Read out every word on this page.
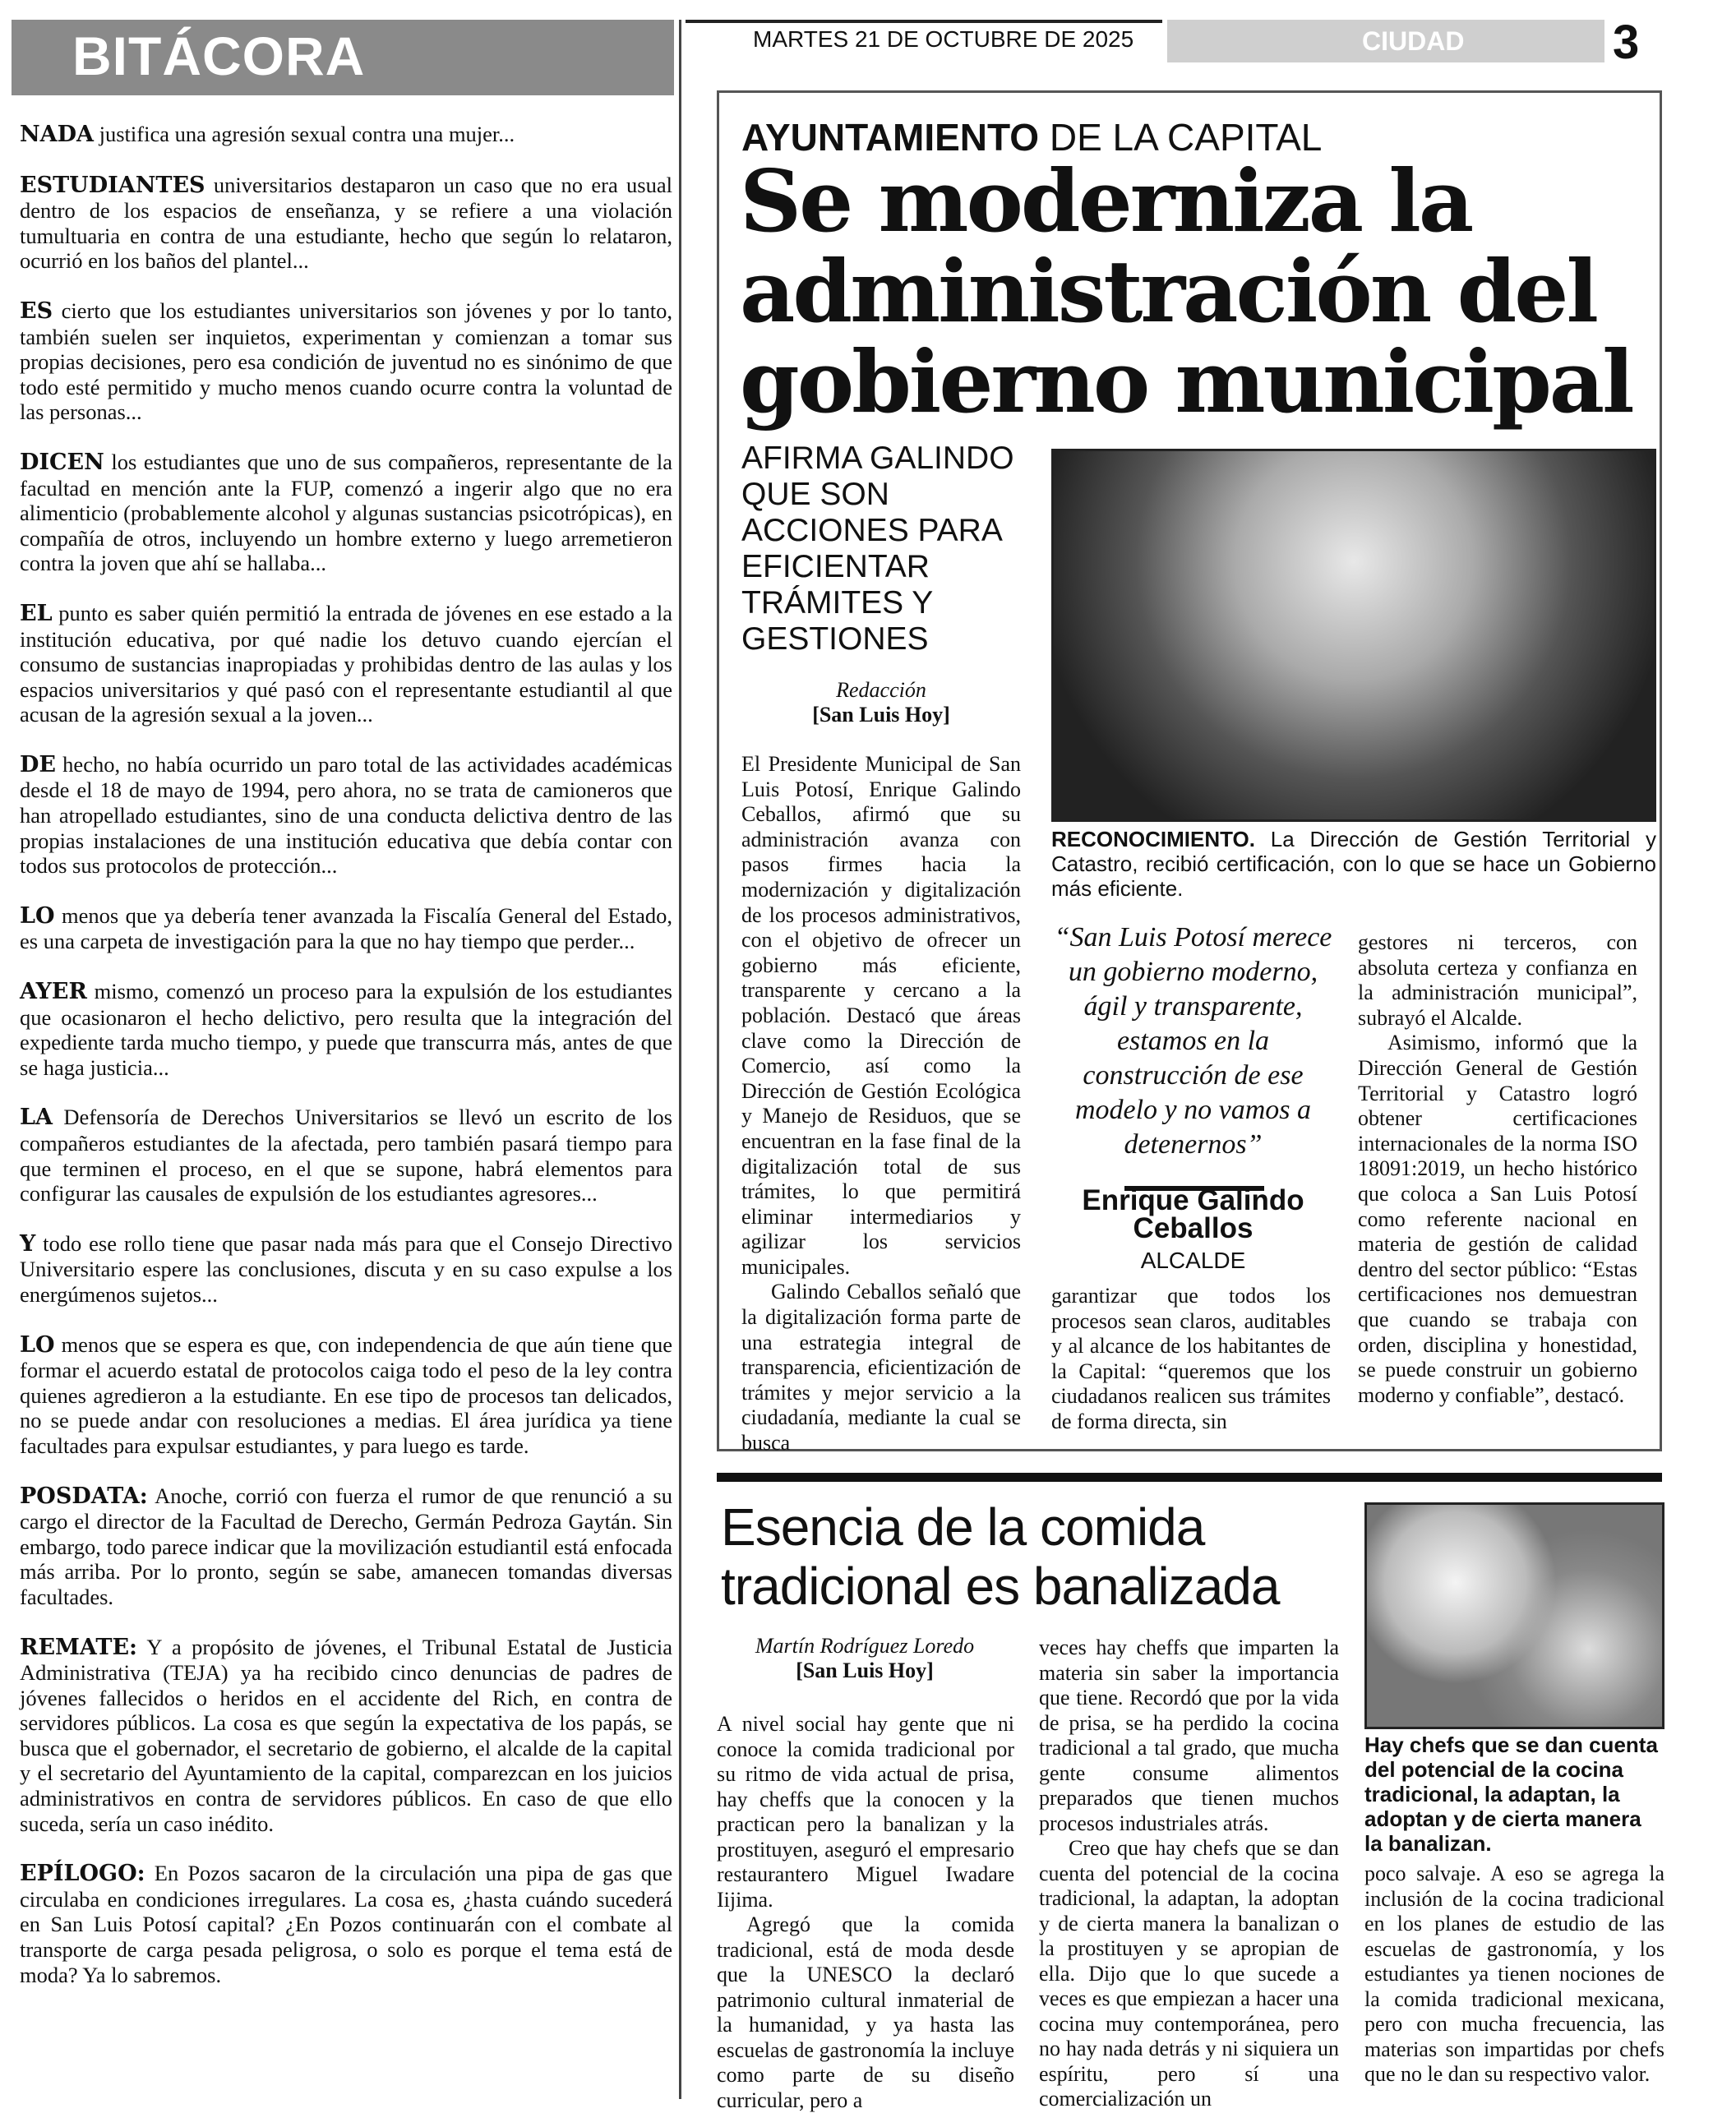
BITÁCORA

NADA justifica una agresión sexual contra una mujer...

ESTUDIANTES universitarios destaparon un caso que no era usual dentro de los espacios de enseñanza, y se refiere a una violación tumultuaria en contra de una estudiante, hecho que según lo relataron, ocurrió en los baños del plantel...

ES cierto que los estudiantes universitarios son jóvenes y por lo tanto, también suelen ser inquietos, experimentan y comienzan a tomar sus propias decisiones, pero esa condición de juventud no es sinónimo de que todo esté permitido y mucho menos cuando ocurre contra la voluntad de las personas...

DICEN los estudiantes que uno de sus compañeros, representante de la facultad en mención ante la FUP, comenzó a ingerir algo que no era alimenticio (probablemente alcohol y algunas sustancias psicotrópicas), en compañía de otros, incluyendo un hombre externo y luego arremetieron contra la joven que ahí se hallaba...

EL punto es saber quién permitió la entrada de jóvenes en ese estado a la institución educativa, por qué nadie los detuvo cuando ejercían el consumo de sustancias inapropiadas y prohibidas dentro de las aulas y los espacios universitarios y qué pasó con el representante estudiantil al que acusan de la agresión sexual a la joven...

DE hecho, no había ocurrido un paro total de las actividades académicas desde el 18 de mayo de 1994, pero ahora, no se trata de camioneros que han atropellado estudiantes, sino de una conducta delictiva dentro de las propias instalaciones de una institución educativa que debía contar con todos sus protocolos de protección...

LO menos que ya debería tener avanzada la Fiscalía General del Estado, es una carpeta de investigación para la que no hay tiempo que perder...

AYER mismo, comenzó un proceso para la expulsión de los estudiantes que ocasionaron el hecho delictivo, pero resulta que la integración del expediente tarda mucho tiempo, y puede que transcurra más, antes de que se haga justicia...

LA Defensoría de Derechos Universitarios se llevó un escrito de los compañeros estudiantes de la afectada, pero también pasará tiempo para que terminen el proceso, en el que se supone, habrá elementos para configurar las causales de expulsión de los estudiantes agresores...

Y todo ese rollo tiene que pasar nada más para que el Consejo Directivo Universitario espere las conclusiones, discuta y en su caso expulse a los energúmenos sujetos...

LO menos que se espera es que, con independencia de que aún tiene que formar el acuerdo estatal de protocolos caiga todo el peso de la ley contra quienes agredieron a la estudiante. En ese tipo de procesos tan delicados, no se puede andar con resoluciones a medias. El área jurídica ya tiene facultades para expulsar estudiantes, y para luego es tarde.

POSDATA: Anoche, corrió con fuerza el rumor de que renunció a su cargo el director de la Facultad de Derecho, Germán Pedroza Gaytán. Sin embargo, todo parece indicar que la movilización estudiantil está enfocada más arriba. Por lo pronto, según se sabe, amanecen tomandas diversas facultades.

REMATE: Y a propósito de jóvenes, el Tribunal Estatal de Justicia Administrativa (TEJA) ya ha recibido cinco denuncias de padres de jóvenes fallecidos o heridos en el accidente del Rich, en contra de servidores públicos. La cosa es que según la expectativa de los papás, se busca que el gobernador, el secretario de gobierno, el alcalde de la capital y el secretario del Ayuntamiento de la capital, comparezcan en los juicios administrativos en contra de servidores públicos. En caso de que ello suceda, sería un caso inédito.

EPÍLOGO: En Pozos sacaron de la circulación una pipa de gas que circulaba en condiciones irregulares. La cosa es, ¿hasta cuándo sucederá en San Luis Potosí capital? ¿En Pozos continuarán con el combate al transporte de carga pesada peligrosa, o solo es porque el tema está de moda? Ya lo sabremos.

CIUDAD
MARTES 21 DE OCTUBRE DE 2025	3
AYUNTAMIENTO DE LA CAPITAL
Se moderniza la administración del gobierno municipal
AFIRMA GALINDO QUE SON ACCIONES PARA EFICIENTAR TRÁMITES Y GESTIONES
Redacción
[San Luis Hoy]
RECONOCIMIENTO. La Dirección de Gestión Territorial y Catastro, recibió certificación, con lo que se hace un Gobierno más eficiente.

El Presidente Municipal de San Luis Potosí, Enrique Galindo Ceballos, afirmó que su administración avanza con pasos firmes hacia la modernización y digitalización de los procesos administrativos, con el objetivo de ofrecer un gobierno más eficiente, transparente y cercano a la población. Destacó que áreas clave como la Dirección de Comercio, así como la Dirección de Gestión Ecológica y Manejo de Residuos, que se encuentran en la fase final de la digitalización total de sus trámites, lo que permitirá eliminar intermediarios y agilizar los servicios municipales.

Galindo Ceballos señaló que la digitalización forma parte de una estrategia integral de transparencia, eficientización de trámites y mejor servicio a la ciudadanía, mediante la cual se busca

“San Luis Potosí merece un gobierno moderno, ágil y transparente, estamos en la construcción de ese modelo y no vamos a detenernos”
Enrique Galindo Ceballos
ALCALDE

garantizar que todos los procesos sean claros, auditables y al alcance de los habitantes de la Capital: “queremos que los ciudadanos realicen sus trámites de forma directa, sin

gestores ni terceros, con absoluta certeza y confianza en la administración municipal”, subrayó el Alcalde.

Asimismo, informó que la Dirección General de Gestión Territorial y Catastro logró obtener certificaciones internacionales de la norma ISO 18091:2019, un hecho histórico que coloca a San Luis Potosí como referente nacional en materia de gestión de calidad dentro del sector público: “Estas certificaciones nos demuestran que cuando se trabaja con orden, disciplina y honestidad, se puede construir un gobierno moderno y confiable”, destacó.

Esencia de la comida tradicional es banalizada
Hay chefs que se dan cuenta del potencial de la cocina tradicional, la adaptan, la adoptan y de cierta manera la banalizan.
Martín Rodríguez Loredo
[San Luis Hoy]

A nivel social hay gente que ni conoce la comida tradicional por su ritmo de vida actual de prisa, hay cheffs que la conocen y la practican pero la banalizan y la prostituyen, aseguró el empresario restaurantero Miguel Iwadare Iijima.

Agregó que la comida tradicional, está de moda desde que la UNESCO la declaró patrimonio cultural inmaterial de la humanidad, y ya hasta las escuelas de gastronomía la incluye como parte de su diseño curricular, pero a

veces hay cheffs que imparten la materia sin saber la importancia que tiene. Recordó que por la vida de prisa, se ha perdido la cocina tradicional a tal grado, que mucha gente consume alimentos preparados que tienen muchos procesos industriales atrás.

Creo que hay chefs que se dan cuenta del potencial de la cocina tradicional, la adaptan, la adoptan y de cierta manera la banalizan o la prostituyen y se apropian de ella. Dijo que lo que sucede a veces es que empiezan a hacer una cocina muy contemporánea, pero no hay nada detrás y ni siquiera un espíritu, pero sí una comercialización un

poco salvaje. A eso se agrega la inclusión de la cocina tradicional en los planes de estudio de las escuelas de gastronomía, y los estudiantes ya tienen nociones de la comida tradicional mexicana, pero con mucha frecuencia, las materias son impartidas por chefs que no le dan su respectivo valor.
